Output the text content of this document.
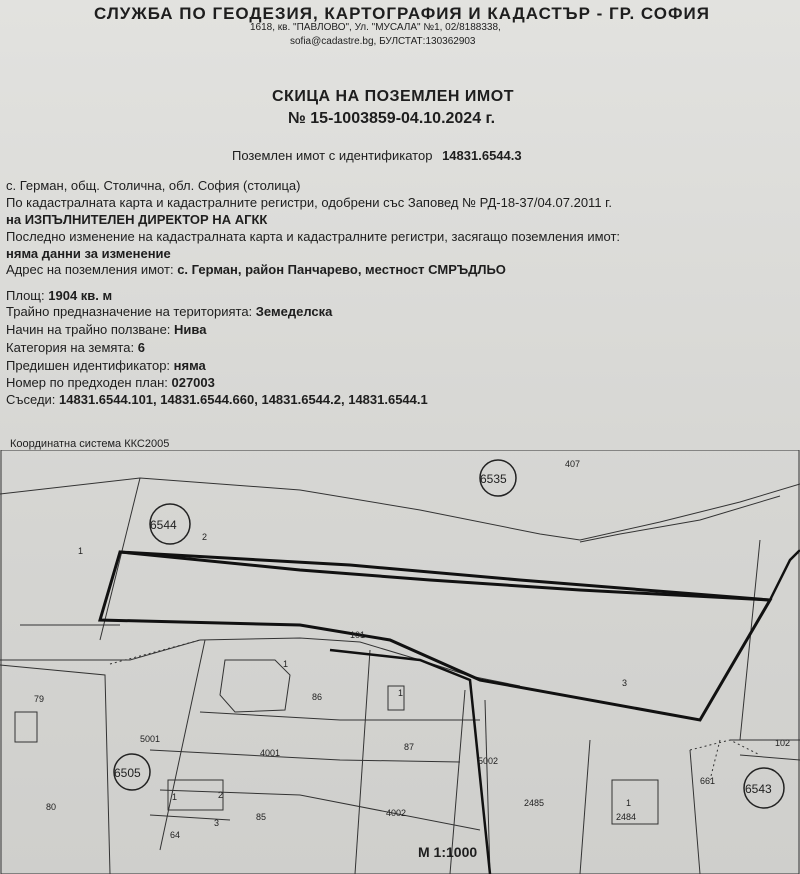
СЛУЖБА ПО ГЕОДЕЗИЯ, КАРТОГРАФИЯ И КАДАСТЪР - ГР. СОФИЯ
1618, кв. "ПАВЛОВО", Ул. "МУСАЛА" №1, 02/8188338,
sofia@cadastre.bg, БУЛСТАТ:130362903
СКИЦА НА ПОЗЕМЛЕН ИМОТ
№ 15-1003859-04.10.2024 г.
Поземлен имот с идентификатор 14831.6544.3
с. Герман, общ. Столична, обл. София (столица)
По кадастралната карта и кадастралните регистри, одобрени със Заповед № РД-18-37/04.07.2011 г.
на ИЗПЪЛНИТЕЛЕН ДИРЕКТОР НА АГКК
Последно изменение на кадастралната карта и кадастралните регистри, засягащо поземления имот:
няма данни за изменение
Адрес на поземления имот: с. Герман, район Панчарево, местност СМРЪДЛЬО
Площ: 1904 кв. м
Трайно предназначение на територията: Земеделска
Начин на трайно ползване: Нива
Категория на земята: 6
Предишен идентификатор: няма
Номер по предходен план: 027003
Съседи: 14831.6544.101, 14831.6544.660, 14831.6544.2, 14831.6544.1
Координатна система ККС2005
6535
6544
6505
6543
407
1
2
101
3
79	86
1
1
5001
4001
87
5002
102
661
80
1	2
3
85	4002
2485	1
2484
64
М 1:1000
